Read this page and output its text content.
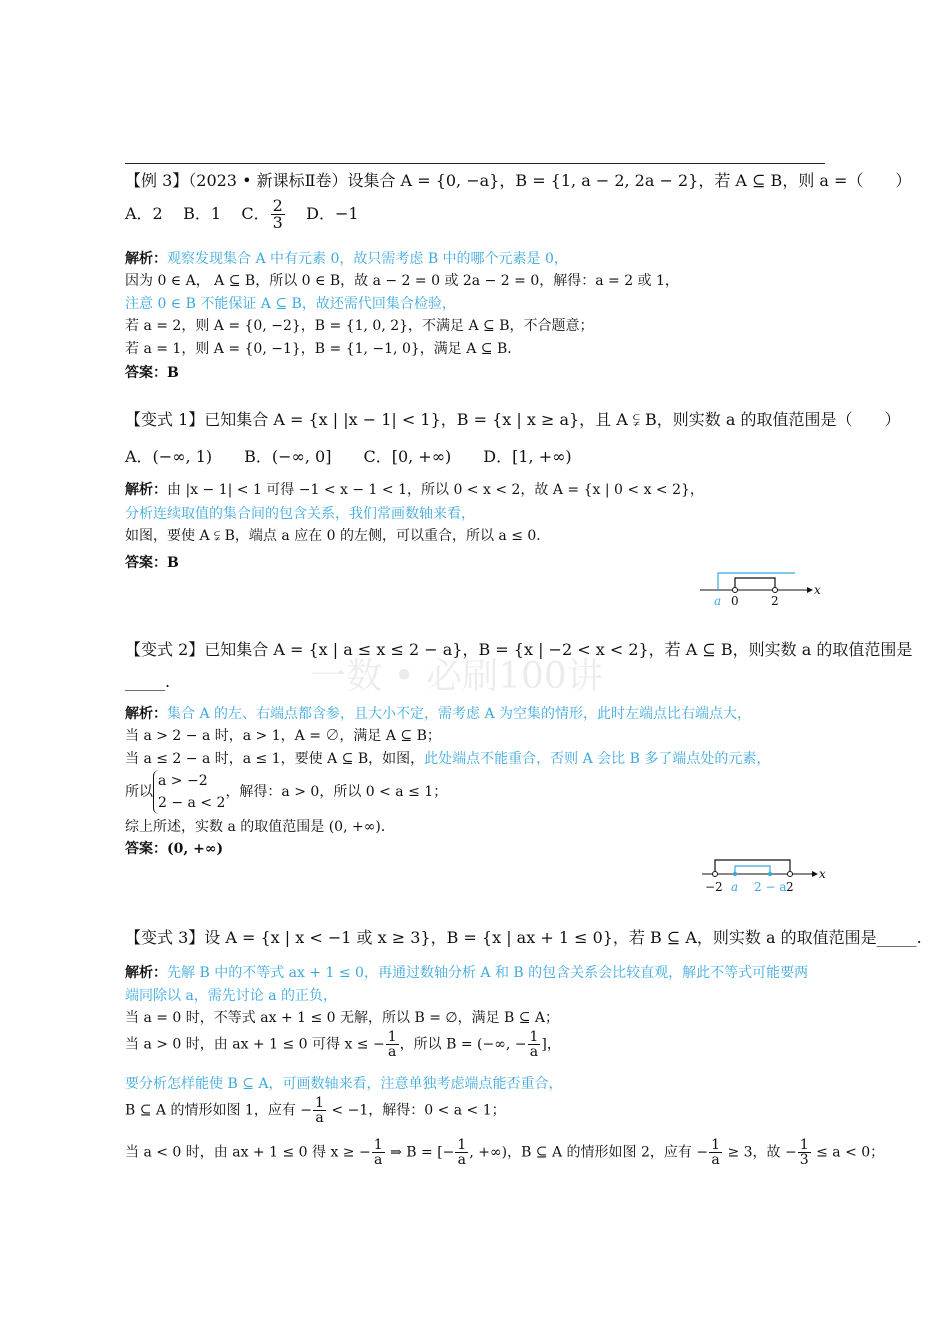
一数 • 必刷100讲
【例 3】（2023 • 新课标Ⅱ卷）设集合 A = {0, −a}，B = {1, a − 2, 2a − 2}，若 A ⊆ B，则 a =（　　）
A．2 B．1 C． $\frac{2}{3}$ D．−1
解析：观察发现集合 A 中有元素 0，故只需考虑 B 中的哪个元素是 0，
因为 0 ∈ A， A ⊆ B，所以 0 ∈ B，故 a − 2 = 0 或 2a − 2 = 0，解得：a = 2 或 1，
注意 0 ∈ B 不能保证 A ⊆ B，故还需代回集合检验，
若 a = 2，则 A = {0, −2}，B = {1, 0, 2}，不满足 A ⊆ B，不合题意；
若 a = 1，则 A = {0, −1}，B = {1, −1, 0}，满足 A ⊆ B．
答案：B
【变式 1】已知集合 A = {x | |x − 1| < 1}，B = {x | x ≥ a}，且 A ⫋ B，则实数 a 的取值范围是（　　）
A．(−∞, 1)　　B．(−∞, 0]　　C．[0, +∞)　　D．[1, +∞)
解析：由 |x − 1| < 1 可得 −1 < x − 1 < 1，所以 0 < x < 2，故 A = {x | 0 < x < 2}，
分析连续取值的集合间的包含关系，我们常画数轴来看，
如图，要使 A ⫋ B，端点 a 应在 0 的左侧，可以重合，所以 a ≤ 0．
答案：B
a 0	2
x
【变式 2】已知集合 A = {x | a ≤ x ≤ 2 − a}，B = {x | −2 < x < 2}，若 A ⊆ B，则实数 a 的取值范围是
_____.
解析：集合 A 的左、右端点都含参，且大小不定，需考虑 A 为空集的情形，此时左端点比右端点大，
当 a > 2 − a 时，a > 1，A = ∅，满足 A ⊆ B；
当 a ≤ 2 − a 时，a ≤ 1，要使 A ⊆ B，如图，此处端点不能重合，否则 A 会比 B 多了端点处的元素，
所以a > −2
2 − a < 2，解得：a > 0，所以 0 < a ≤ 1；
综上所述，实数 a 的取值范围是 (0, +∞)．
答案：(0, +∞)
−2 a 2 − a 2
x
【变式 3】设 A = {x | x < −1 或 x ≥ 3}，B = {x | ax + 1 ≤ 0}，若 B ⊆ A，则实数 a 的取值范围是_____.
解析：先解 B 中的不等式 ax + 1 ≤ 0，再通过数轴分析 A 和 B 的包含关系会比较直观，解此不等式可能要两
端同除以 a，需先讨论 a 的正负，
当 a = 0 时，不等式 ax + 1 ≤ 0 无解，所以 B = ∅，满足 B ⊆ A；
当 a > 0 时，由 ax + 1 ≤ 0 可得 x ≤ − $\frac{1}{a}$ ，所以 B = (−∞, − $\frac{1}{a}$ ]，
要分析怎样能使 B ⊆ A，可画数轴来看，注意单独考虑端点能否重合，
B ⊆ A 的情形如图 1，应有 − $\frac{1}{a} < -1$，解得：0 < a < 1；
当 a < 0 时，由 ax + 1 ≤ 0 得 x ≥ − $\frac{1}{a}$ ⇒ B = [− $\frac{1}{a}$ , +∞)，B ⊆ A 的情形如图 2，应有 − $\frac{1}{a} \ge 3$，故 − $\frac{1}{3} \le a < 0$；
